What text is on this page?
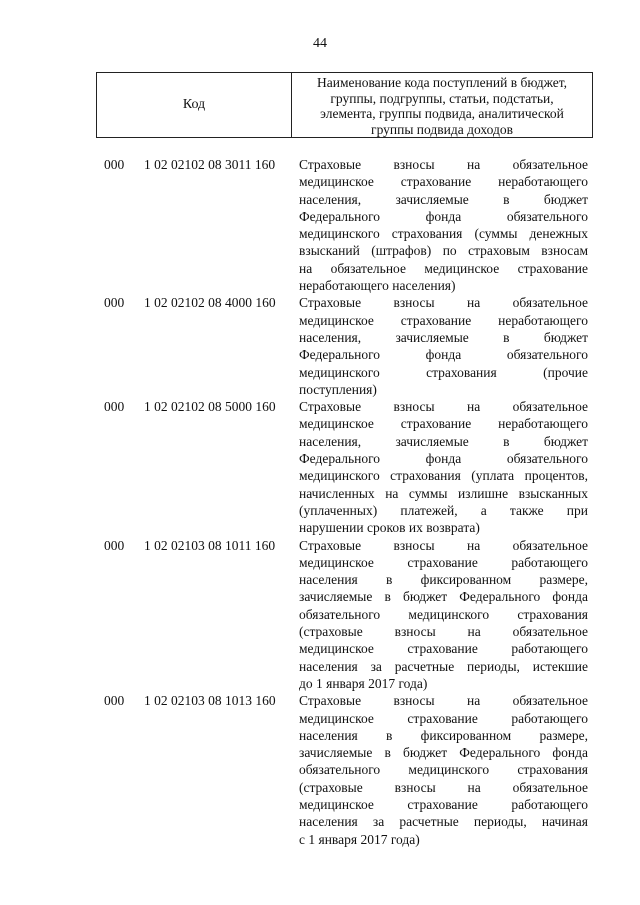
44
Код
Наименование кода поступлений в бюджет,
группы, подгруппы, статьи, подстатьи,
элемента, группы подвида, аналитической
группы подвида доходов
000 1 02 02102 08 3011 160 Страховые взносы на обязательное
медицинское страхование неработающего
населения, зачисляемые в бюджет
Федерального фонда обязательного
медицинского страхования (суммы денежных
взысканий (штрафов) по страховым взносам
на обязательное медицинское страхование
неработающего населения)
000 1 02 02102 08 4000 160 Страховые взносы на обязательное
медицинское страхование неработающего
населения, зачисляемые в бюджет
Федерального фонда обязательного
медицинского страхования (прочие
поступления)
000 1 02 02102 08 5000 160 Страховые взносы на обязательное
медицинское страхование неработающего
населения, зачисляемые в бюджет
Федерального фонда обязательного
медицинского страхования (уплата процентов,
начисленных на суммы излишне взысканных
(уплаченных) платежей, а также при
нарушении сроков их возврата)
000 1 02 02103 08 1011 160 Страховые взносы на обязательное
медицинское страхование работающего
населения в фиксированном размере,
зачисляемые в бюджет Федерального фонда
обязательного медицинского страхования
(страховые взносы на обязательное
медицинское страхование работающего
населения за расчетные периоды, истекшие
до 1 января 2017 года)
000 1 02 02103 08 1013 160 Страховые взносы на обязательное
медицинское страхование работающего
населения в фиксированном размере,
зачисляемые в бюджет Федерального фонда
обязательного медицинского страхования
(страховые взносы на обязательное
медицинское страхование работающего
населения за расчетные периоды, начиная
с 1 января 2017 года)
